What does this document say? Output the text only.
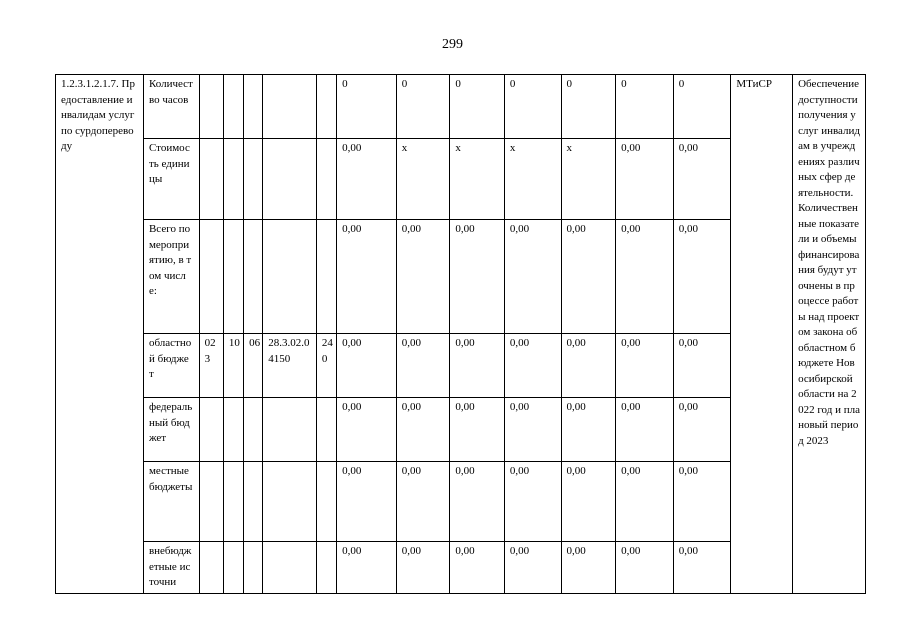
299
1.2.3.1.2.1.7. Предоставление инвалидам услуг по сурдопереводу	Количество часов						0	0	0	0	0	0	0	МТиСР	Обеспечение доступности получения услуг инвалидам в учреждениях различных сфер деятельности. Количественные показатели и объемы финансирования будут уточнены в процессе работы над проектом закона об областном бюджете Новосибирской области на 2022 год и плановый период 2023
	Стоимость единицы						0,00	х	х	х	х	0,00	0,00		
	Всего по мероприятию, в том числе:						0,00	0,00	0,00	0,00	0,00	0,00	0,00		
	областной бюджет	023	10	06	28.3.02.04150	240	0,00	0,00	0,00	0,00	0,00	0,00	0,00		
	федеральный бюджет						0,00	0,00	0,00	0,00	0,00	0,00	0,00		
	местные бюджеты						0,00	0,00	0,00	0,00	0,00	0,00	0,00		
	внебюджетные источни						0,00	0,00	0,00	0,00	0,00	0,00	0,00		
